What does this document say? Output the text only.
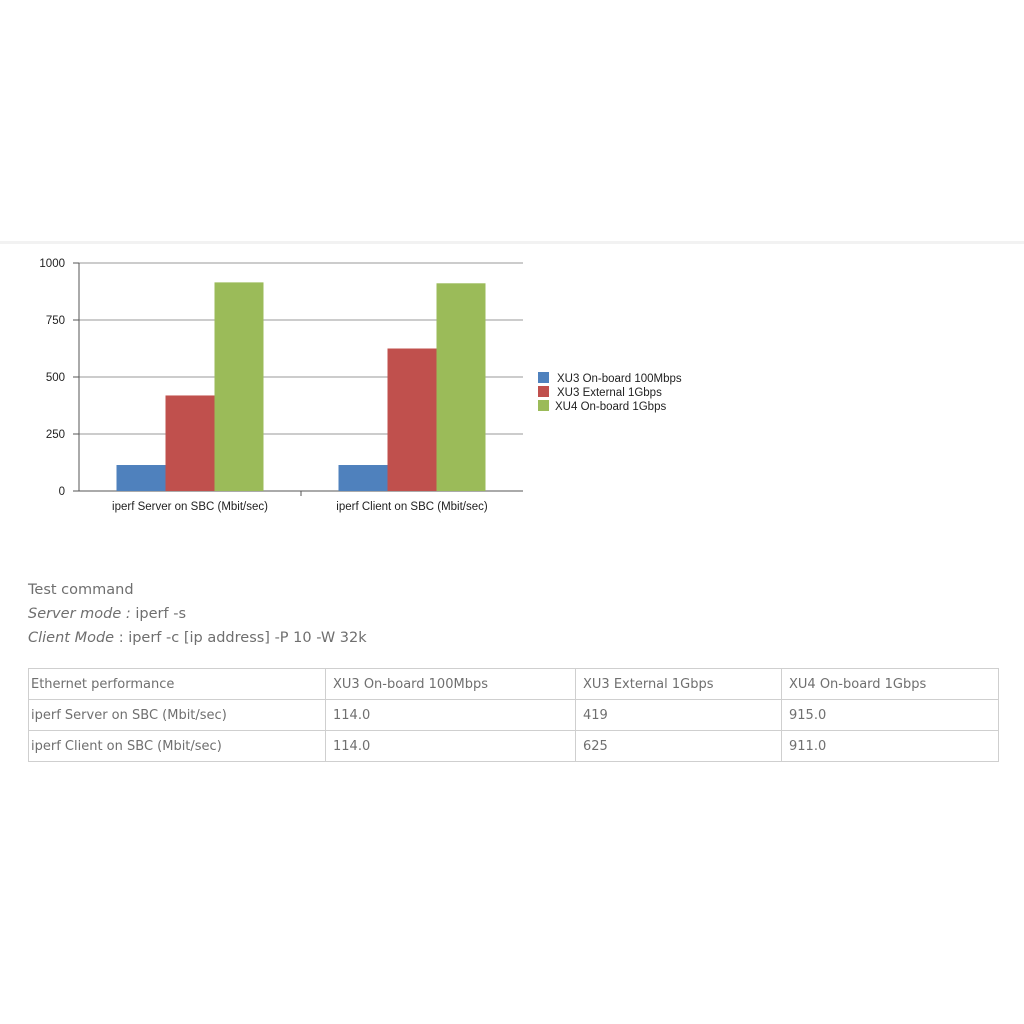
0
250
500
750
1000
iperf Server on SBC (Mbit/sec)	iperf Client on SBC (Mbit/sec)
XU3 On-board 100Mbps
XU3 External 1Gbps
XU4 On-board 1Gbps
Test command
Server mode : iperf -s
Client Mode : iperf -c [ip address] -P 10 -W 32k
Ethernet performance	XU3 On-board 100Mbps	XU3 External 1Gbps	XU4 On-board 1Gbps
iperf Server on SBC (Mbit/sec)	114.0	419	915.0
iperf Client on SBC (Mbit/sec)	114.0	625	911.0
